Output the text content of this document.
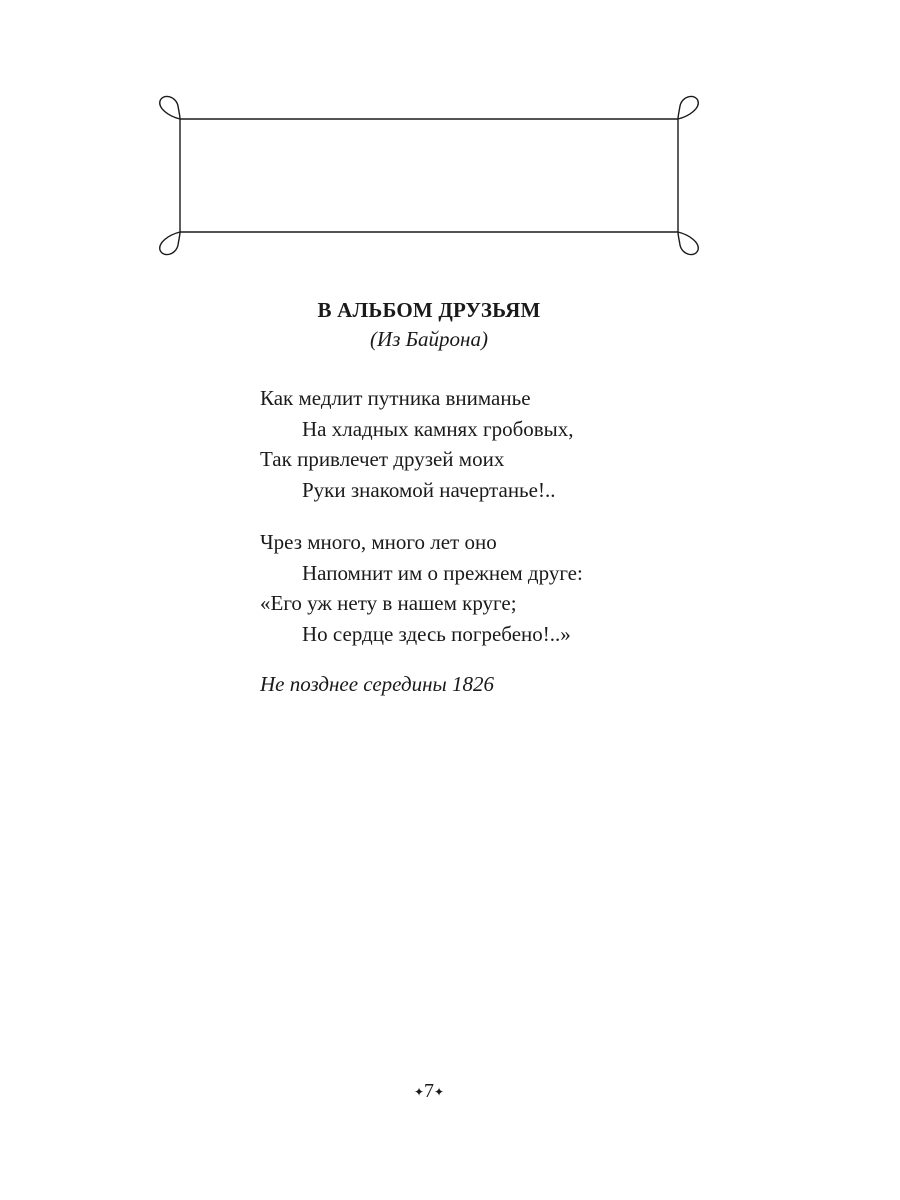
В АЛЬБОМ ДРУЗЬЯМ
(Из Байрона)
Как медлит путника вниманье
На хладных камнях гробовых,
Так привлечет друзей моих
Руки знакомой начертанье!..
Чрез много, много лет оно
Напомнит им о прежнем друге:
«Его уж нету в нашем круге;
Но сердце здесь погребено!..»
Не позднее середины 1826
✦7✦
